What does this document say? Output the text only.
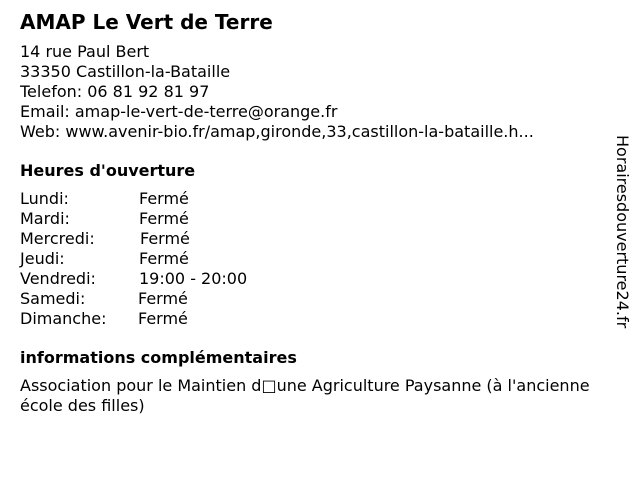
AMAP Le Vert de Terre
14 rue Paul Bert
33350 Castillon-la-Bataille
Telefon: 06 81 92 81 97
Email: amap-le-vert-de-terre@orange.fr
Web: www.avenir-bio.fr/amap,gironde,33,castillon-la-bataille.h...
Heures d'ouverture
Lundi:	Fermé
Mardi:	Fermé
Mercredi:	Fermé
Jeudi:	Fermé
Vendredi:	19:00 - 20:00
Samedi:	Fermé
Dimanche: Fermé
informations complémentaires
Association pour le Maintien d□une Agriculture Paysanne (à l'ancienne école des filles)
Horairesdouverture24.fr
